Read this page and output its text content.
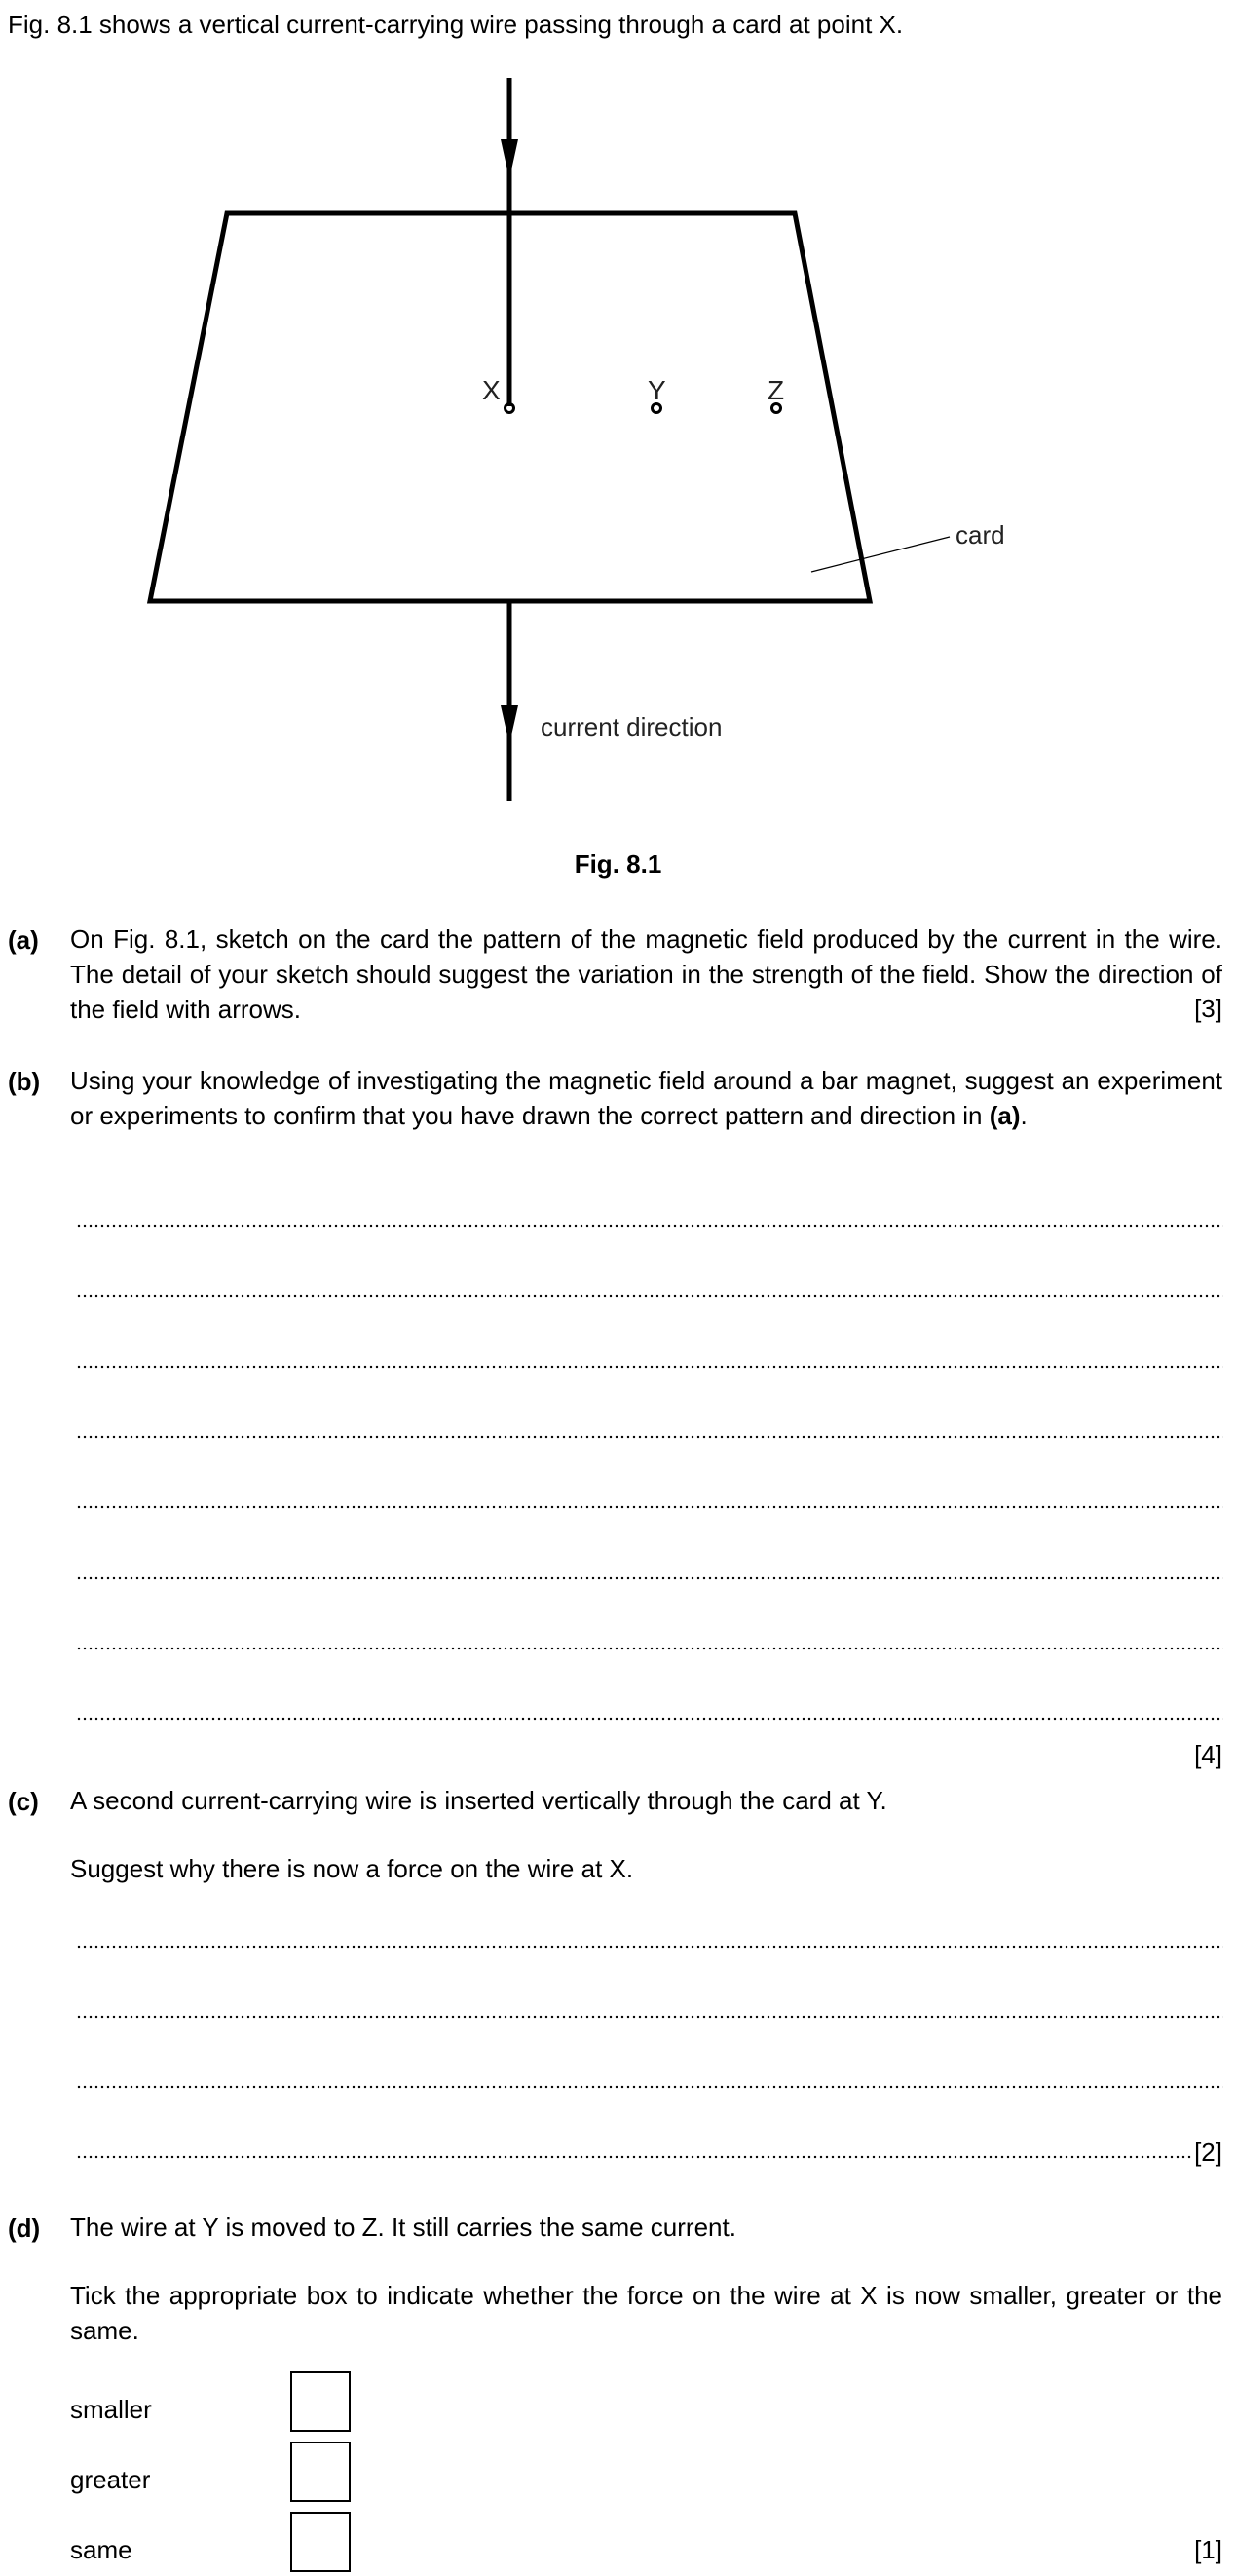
Fig. 8.1 shows a vertical current-carrying wire passing through a card at point X.
X	Y	Z
card
current direction
Fig. 8.1
(a) On Fig. 8.1, sketch on the card the pattern of the magnetic field produced by the current in the wire. The detail of your sketch should suggest the variation in the strength of the field. Show the direction of the field with arrows.	[3]
(b) Using your knowledge of investigating the magnetic field around a bar magnet, suggest an experiment or experiments to confirm that you have drawn the correct pattern and direction in (a).
[4]
(c) A second current-carrying wire is inserted vertically through the card at Y.
Suggest why there is now a force on the wire at X.
[2]
(d) The wire at Y is moved to Z. It still carries the same current.
Tick the appropriate box to indicate whether the force on the wire at X is now smaller, greater or the same.
smaller
greater
same	[1]
